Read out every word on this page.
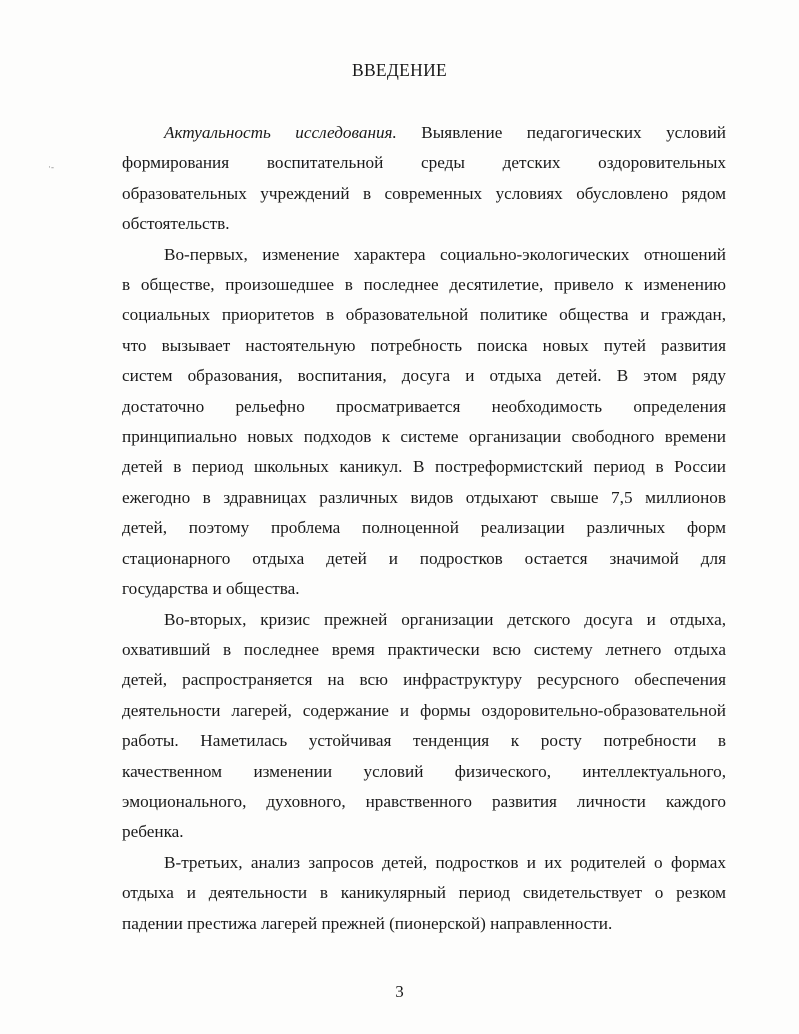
·-
ВВЕДЕНИЕ
Актуальность исследования. Выявление педагогических условий
формирования воспитательной среды детских оздоровительных
образовательных учреждений в современных условиях обусловлено рядом
обстоятельств.
Во-первых, изменение характера социально-экологических отношений
в обществе, произошедшее в последнее десятилетие, привело к изменению
социальных приоритетов в образовательной политике общества и граждан,
что вызывает настоятельную потребность поиска новых путей развития
систем образования, воспитания, досуга и отдыха детей. В этом ряду
достаточно рельефно просматривается необходимость определения
принципиально новых подходов к системе организации свободного времени
детей в период школьных каникул. В постреформистский период в России
ежегодно в здравницах различных видов отдыхают свыше 7,5 миллионов
детей, поэтому проблема полноценной реализации различных форм
стационарного отдыха детей и подростков остается значимой для
государства и общества.
Во-вторых, кризис прежней организации детского досуга и отдыха,
охвативший в последнее время практически всю систему летнего отдыха
детей, распространяется на всю инфраструктуру ресурсного обеспечения
деятельности лагерей, содержание и формы оздоровительно-образовательной
работы. Наметилась устойчивая тенденция к росту потребности в
качественном изменении условий физического, интеллектуального,
эмоционального, духовного, нравственного развития личности каждого
ребенка.
В-третьих, анализ запросов детей, подростков и их родителей о формах
отдыха и деятельности в каникулярный период свидетельствует о резком
падении престижа лагерей прежней (пионерской) направленности.
3
